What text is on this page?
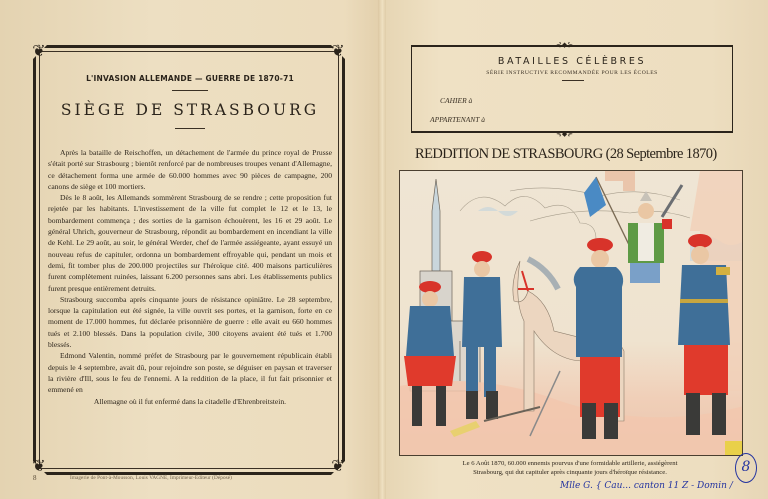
❦	❦
❦	❦
L'INVASION ALLEMANDE — GUERRE DE 1870-71
SIÈGE DE STRASBOURG

Après la bataille de Reischoffen, un détachement de l'armée du prince royal de Prusse s'était porté sur Strasbourg ; bientôt renforcé par de nombreuses troupes venant d'Allemagne, ce détachement forma une armée de 60.000 hommes avec 90 pièces de campagne, 200 canons de siège et 100 mortiers.

Dès le 8 août, les Allemands sommèrent Strasbourg de se rendre ; cette proposition fut rejetée par les habitants. L'investissement de la ville fut complet le 12 et le 13, le bombardement commença ; des sorties de la garnison échouèrent, les 16 et 29 août. Le général Uhrich, gouverneur de Strasbourg, répondit au bombardement en incendiant la ville de Kehl. Le 29 août, au soir, le général Werder, chef de l'armée assiégeante, ayant essuyé un nouveau refus de capituler, ordonna un bombardement effroyable qui, pendant un mois et demi, fit tomber plus de 200.000 projectiles sur l'héroïque cité. 400 maisons particulières furent complètement ruinées, laissant 6.200 personnes sans abri. Les établissements publics furent presque entièrement detruits.

Strasbourg succomba après cinquante jours de résistance opiniâtre. Le 28 septembre, lorsque la capitulation eut été signée, la ville ouvrit ses portes, et la garnison, forte en ce moment de 17.000 hommes, fut déclarée prisonnière de guerre : elle avait eu 660 hommes tués et 2.100 blessés. Dans la population civile, 300 citoyens avaient été tués et 1.700 blessés.

Edmond Valentin, nommé préfet de Strasbourg par le gouvernement républicain établi depuis le 4 septembre, avait dû, pour rejoindre son poste, se déguiser en paysan et traverser la rivière d'Ill, sous le feu de l'ennemi. A la reddition de la place, il fut fait prisonnier et emmené en

Allemagne où il fut enfermé dans la citadelle d'Ehrenbreitstein.

8	Imagerie de Pont-à-Mousson, Louis VAGNÉ, Imprimeur-Éditeur (Déposé)
⊰◆⊱
⊰◆⊱
BATAILLES CÉLÈBRES
SÉRIE INSTRUCTIVE RECOMMANDÉE POUR LES ÉCOLES
CAHIER à
APPARTENANT à
REDDITION DE STRASBOURG (28 Septembre 1870)
Le 6 Août 1870, 60.000 ennemis pourvus d'une formidable artillerie, assiégèrent
Strasbourg, qui dut capituler après cinquante jours d'héroïque résistance.
Mlle G. { Cau... canton 11 Z - Domin /
8
